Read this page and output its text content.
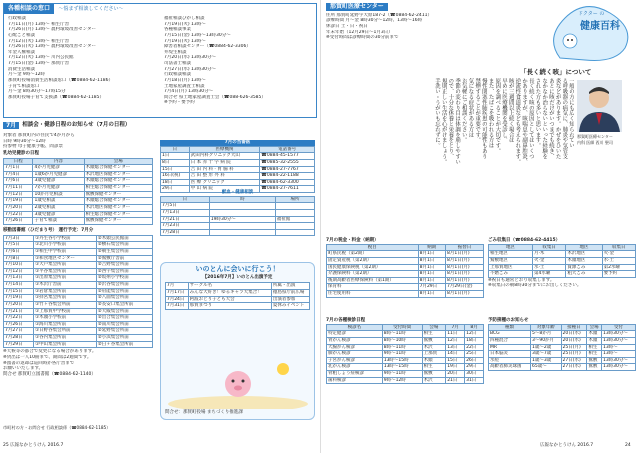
各種相談の窓口 ～悩まず相談してください～
行政相談
7月11日(月) 13時～ 相生庁舎
7月26日(月) 13時～ 農村環境改善センター
心配ごと相談
7月12日(火) 13時～ 相生庁舎
7月26日(火) 13時～ 農村環境改善センター
年金人権相談
7月12日(火) 13時～ 川内公民館
7月15日(金) 13時～ 那賀庁舎
消費生活相談
月～金 9時～12時
那賀町役場消費生活相談窓口（☎0884-62-1186）
子育て相談窓口
月～金 8時30分～17時15分
那賀町役場子育て支援課（☎0884-62-1185）
福祉相談ひがし相談
7月19日(火) 13時～
各種相談事業
7月15日(金) 13時～13時30分～
7月19日(火) 13時～
障害者相談センター（☎0884-62-3306）
井堤生相談
7月20日(水) 13時30分～
司法書士相談
7月27日(水) 13時30分～
行政相談相談
7月18日(月) 13時～
土地家屋調査士相談
7月4日(月) 13時30分～
問合せ 県土地家屋調査士会（☎088-626-3585）
※予約・要予約
7月	相談会・健診日程のお知らせ（7月の日程）
対象者 那賀町内の住民で4か月から
日時 9時30分～12時
持参物 母子健康手帳、問診票
乳幼児健診の日程
日程	内容	会場
7月1日	4か月児健診	木頭総合保健センター
7月4日	1歳6か月児健診	木沢地区保健センター
7月6日	3歳児健診	木頭総合保健センター
7月11日	7か月児健診	相生総合保健センター
7月12日	10か月児相談	鷲敷保健センター
7月19日	1歳児相談	木頭総合保健センター
7月20日	2歳児相談	木沢地区保健センター
7月22日	3歳児健診	相生総合保健センター
7月26日	子育て相談	鷲敷保健センター
移動図書館（ひだまり号） 運行予定：7月分
7月3日	①丹生谷小学校前	②木頭公民館前
7月5日	①北川小学校前	②横石集会所前
7月6日	①相生中学校前	②朝生集会所前
7月8日	①和食地区センター	②鷲敷庁舎前
7月10日	①大戸集会所前	②吉野集会所前
7月12日	①平谷集会所前	②西宇集会所前
7月13日	①出原集会所前	②坂州小学校前
7月14日	①木沢庁舎前	②沢谷集会所前
7月15日	①岩倉集会所前	②府能集会所前
7月19日	①拝宮集会所前	②八面集会所前
7月20日	①竹ヶ谷集会所前	②長安口集会所前
7月21日	①上那賀中学校前	②大殿集会所前
7月22日	①木頭小学校前	②出合集会所前
7月26日	①海川集会所前	②南川集会所前
7月27日	①日野谷集会所前	②延野集会所前
7月28日	①谷内集会所前	②小浜集会所前
7月29日	①中山集会所前	②臼ヶ谷集会所前
※天候等の都合で変更になる場合があります。
※貸出は一人10冊まで、期間は2週間です。
※図書の返却は巡回時か各庁舎まで
お願いいたします。
問合せ 那賀町立図書館（☎0884-62-1140）
7月の当番医
日	医療機関	電話番号
1日	武田内科クリニック大山	☎0884-45-1577
8日	日 本 赤 十 字 病 院	☎0885-32-2555
15日	吉 田 内 科 · 胃 腸 科	☎0884-27-7767
16日(祝)	吉 田 整 形 外 科	☎0884-22-1188
18日	医 療 クリニック	☎0884-62-3300
29日	中 山 病 院	☎0884-27-7611
献血・健康相談
日	時	場所
7月5日		
7月13日		
7月21日	19時30分～	福祉館
7月23日		
7月28日		
いのとんに会いに行こう！
【2016年7月】いのとん出演予定
7月	サークル名	所属・出演
7月17日	みんな大好き！ゆるキャラ大集合！	徳島県庁前広場
7月24日	阿波おどり子ども大会	出演者参加
7月31日	那賀まつり	夏休みイベント
問合せ：那賀町役場 まちづくり推進課
25 広報なかとうけん 2016.7
市町村の方・お問合せ 行政相談係（☎0884-62-1185）
那賀町医療センター
住所 那賀町延野字大原187-2（☎0884-62-2411）
診療時間 月～金 8時30分～12時、13時～16時
休診日 土・日・祝日
年末年始（12月29日～1月3日）
※受付時間は診療時間の30分前まで
ドクター の
健康百科
「長く続く咳」について
那賀町医療センター
内科 医師 西川 聖司
一般の方にも広く知られてい
る呼吸器の病気に、肺炎や気管支
炎などがあります。かぜをひいた
あとに咳だけがいつまでも続き、
なかなか治らないといった経験を
された方も多いと思います。
長く続く咳の原因としてはいくつ
かありますが、咳喘息や副鼻腔炎、
逆流性食道炎なども考えられます。
咳が三週間以上続く場合は
早めに医療機関を受診し、
原因を調べることが大切です。
また、たばこを吸われる方は
慢性閉塞性肺疾患の可能性もあり
禁煙することが重要です。
気になる症状がある方は
お気軽にご相談ください。
季節の変わり目は体調を崩しやすい
ので、十分な休養と栄養をとり、
規則正しい生活を心がけましょう。
手洗い・うがいも忘れずに。
7月の税金・料金（納期）
税目	納期	振替日
町県民税（第2期）	8月1日	8月1日(月)
固定資産税（第2期）	8月1日	8月1日(月)
国民健康保険税（第2期）	8月1日	8月1日(月)
介護保険料（第2期）	8月1日	8月1日(月)
後期高齢者医療保険料（第1期）	8月1日	8月1日(月)
保育料	7月29日	7月29日(金)
住宅使用料	8月1日	8月1日(月)
ごみ収集日（☎0884-62-4415）
地区	収集日	地区	収集日
相生地区	月·木	木沢地区	火·金
鷲敷地区	火·金	木頭地区	水·土
上那賀地区	水·土	資源ごみ	第2水曜
不燃ごみ	第4水曜	粗大ごみ	要予約
※祝日も通常どおり収集します。
※収集日の朝8時30分までにお出しください。
7月の各種検診日程
検診名	受付時間	会場	7月	8月
特定健診	8時～11時	相生	11日	12日
胃がん検診	8時～10時	鷲敷	12日	18日
大腸がん検診	8時～11時	木沢	13日	22日
肺がん検診	9時～11時	上那賀	14日	25日
子宮がん検診	13時～15時	木頭	15日	26日
乳がん検診	13時～15時	相生	19日	29日
骨粗しょう症検診	9時～11時	鷲敷	20日	30日
歯科検診	9時～12時	木沢	21日	31日
予防接種のお知らせ
種類	対象年齢	接種日	会場	受付
BCG	5～8か月	20日(水)	木頭	13時30分～
四種混合	3～90か月	20日(水)	木頭	13時30分～
MR	1歳～2歳	25日(月)	相生	13時～
日本脳炎	3歳～7歳	25日(月)	相生	13時～
水痘	1歳～3歳	27日(水)	鷲敷	13時30分～
高齢者肺炎球菌	65歳～	27日(水)	鷲敷	13時30分～
広報なかとうけん 2016.7	24
